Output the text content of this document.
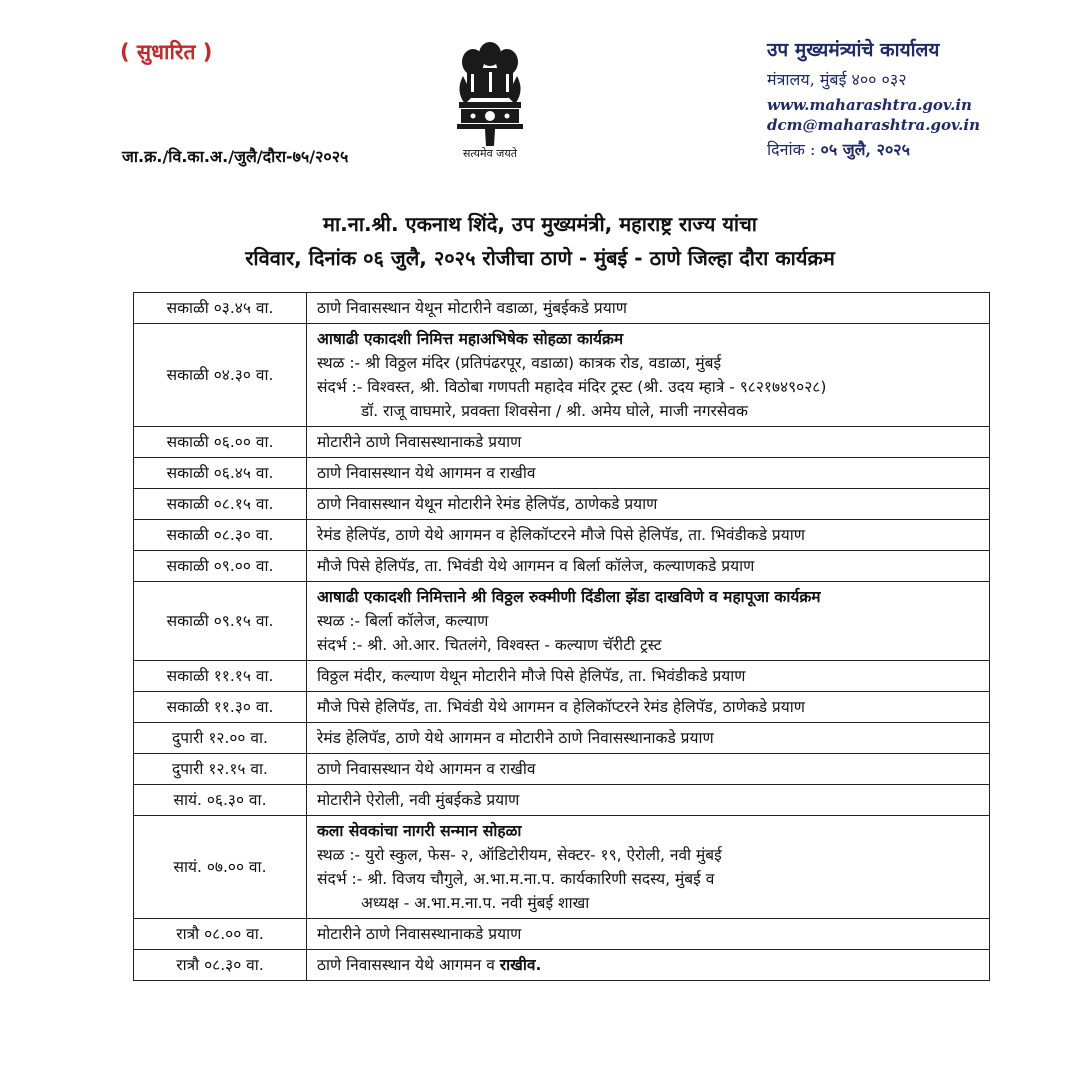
( सुधारित )
जा.क्र./वि.का.अ./जुलै/दौरा-७५/२०२५	सत्यमेव जयते
उप मुख्यमंत्र्यांचे कार्यालय
मंत्रालय, मुंबई ४०० ०३२
www.maharashtra.gov.in
dcm@maharashtra.gov.in
दिनांक : ०५ जुलै, २०२५
मा.ना.श्री. एकनाथ शिंदे, उप मुख्यमंत्री, महाराष्ट्र राज्य यांचा
रविवार, दिनांक ०६ जुलै, २०२५ रोजीचा ठाणे - मुंबई - ठाणे जिल्हा दौरा कार्यक्रम
सकाळी ०३.४५ वा.	ठाणे निवासस्थान येथून मोटारीने वडाळा, मुंबईकडे प्रयाण
सकाळी ०४.३० वा.	आषाढी एकादशी निमित्त महाअभिषेक सोहळा कार्यक्रम
स्थळ :- श्री विठ्ठल मंदिर (प्रतिपंढरपूर, वडाळा) कात्रक रोड, वडाळा, मुंबई
संदर्भ :- विश्वस्त, श्री. विठोबा गणपती महादेव मंदिर ट्रस्ट (श्री. उदय म्हात्रे - ९८२१७४९०२८)
डॉ. राजू वाघमारे, प्रवक्ता शिवसेना / श्री. अमेय घोले, माजी नगरसेवक

सकाळी ०६.०० वा.	मोटारीने ठाणे निवासस्थानाकडे प्रयाण
सकाळी ०६.४५ वा.	ठाणे निवासस्थान येथे आगमन व राखीव
सकाळी ०८.१५ वा.	ठाणे निवासस्थान येथून मोटारीने रेमंड हेलिपॅड, ठाणेकडे प्रयाण
सकाळी ०८.३० वा.	रेमंड हेलिपॅड, ठाणे येथे आगमन व हेलिकॉप्टरने मौजे पिसे हेलिपॅड, ता. भिवंडीकडे प्रयाण
सकाळी ०९.०० वा.	मौजे पिसे हेलिपॅड, ता. भिवंडी येथे आगमन व बिर्ला कॉलेज, कल्याणकडे प्रयाण
सकाळी ०९.१५ वा.	आषाढी एकादशी निमित्ताने श्री विठ्ठल रुक्मीणी दिंडीला झेंडा दाखविणे व महापूजा कार्यक्रम
स्थळ :- बिर्ला कॉलेज, कल्याण
संदर्भ :- श्री. ओ.आर. चितलंगे, विश्वस्त - कल्याण चॅरीटी ट्रस्ट

सकाळी ११.१५ वा.	विठ्ठल मंदीर, कल्याण येथून मोटारीने मौजे पिसे हेलिपॅड, ता. भिवंडीकडे प्रयाण
सकाळी ११.३० वा.	मौजे पिसे हेलिपॅड, ता. भिवंडी येथे आगमन व हेलिकॉप्टरने रेमंड हेलिपॅड, ठाणेकडे प्रयाण
दुपारी १२.०० वा.	रेमंड हेलिपॅड, ठाणे येथे आगमन व मोटारीने ठाणे निवासस्थानाकडे प्रयाण
दुपारी १२.१५ वा.	ठाणे निवासस्थान येथे आगमन व राखीव
सायं. ०६.३० वा.	मोटारीने ऐरोली, नवी मुंबईकडे प्रयाण
सायं. ०७.०० वा.	कला सेवकांचा नागरी सन्मान सोहळा
स्थळ :- युरो स्कुल, फेस- २, ऑडिटोरीयम, सेक्टर- १९, ऐरोली, नवी मुंबई
संदर्भ :- श्री. विजय चौगुले, अ.भा.म.ना.प. कार्यकारिणी सदस्य, मुंबई व
अध्यक्ष - अ.भा.म.ना.प. नवी मुंबई शाखा

रात्रौ ०८.०० वा.	मोटारीने ठाणे निवासस्थानाकडे प्रयाण
रात्रौ ०८.३० वा.	ठाणे निवासस्थान येथे आगमन व राखीव.
